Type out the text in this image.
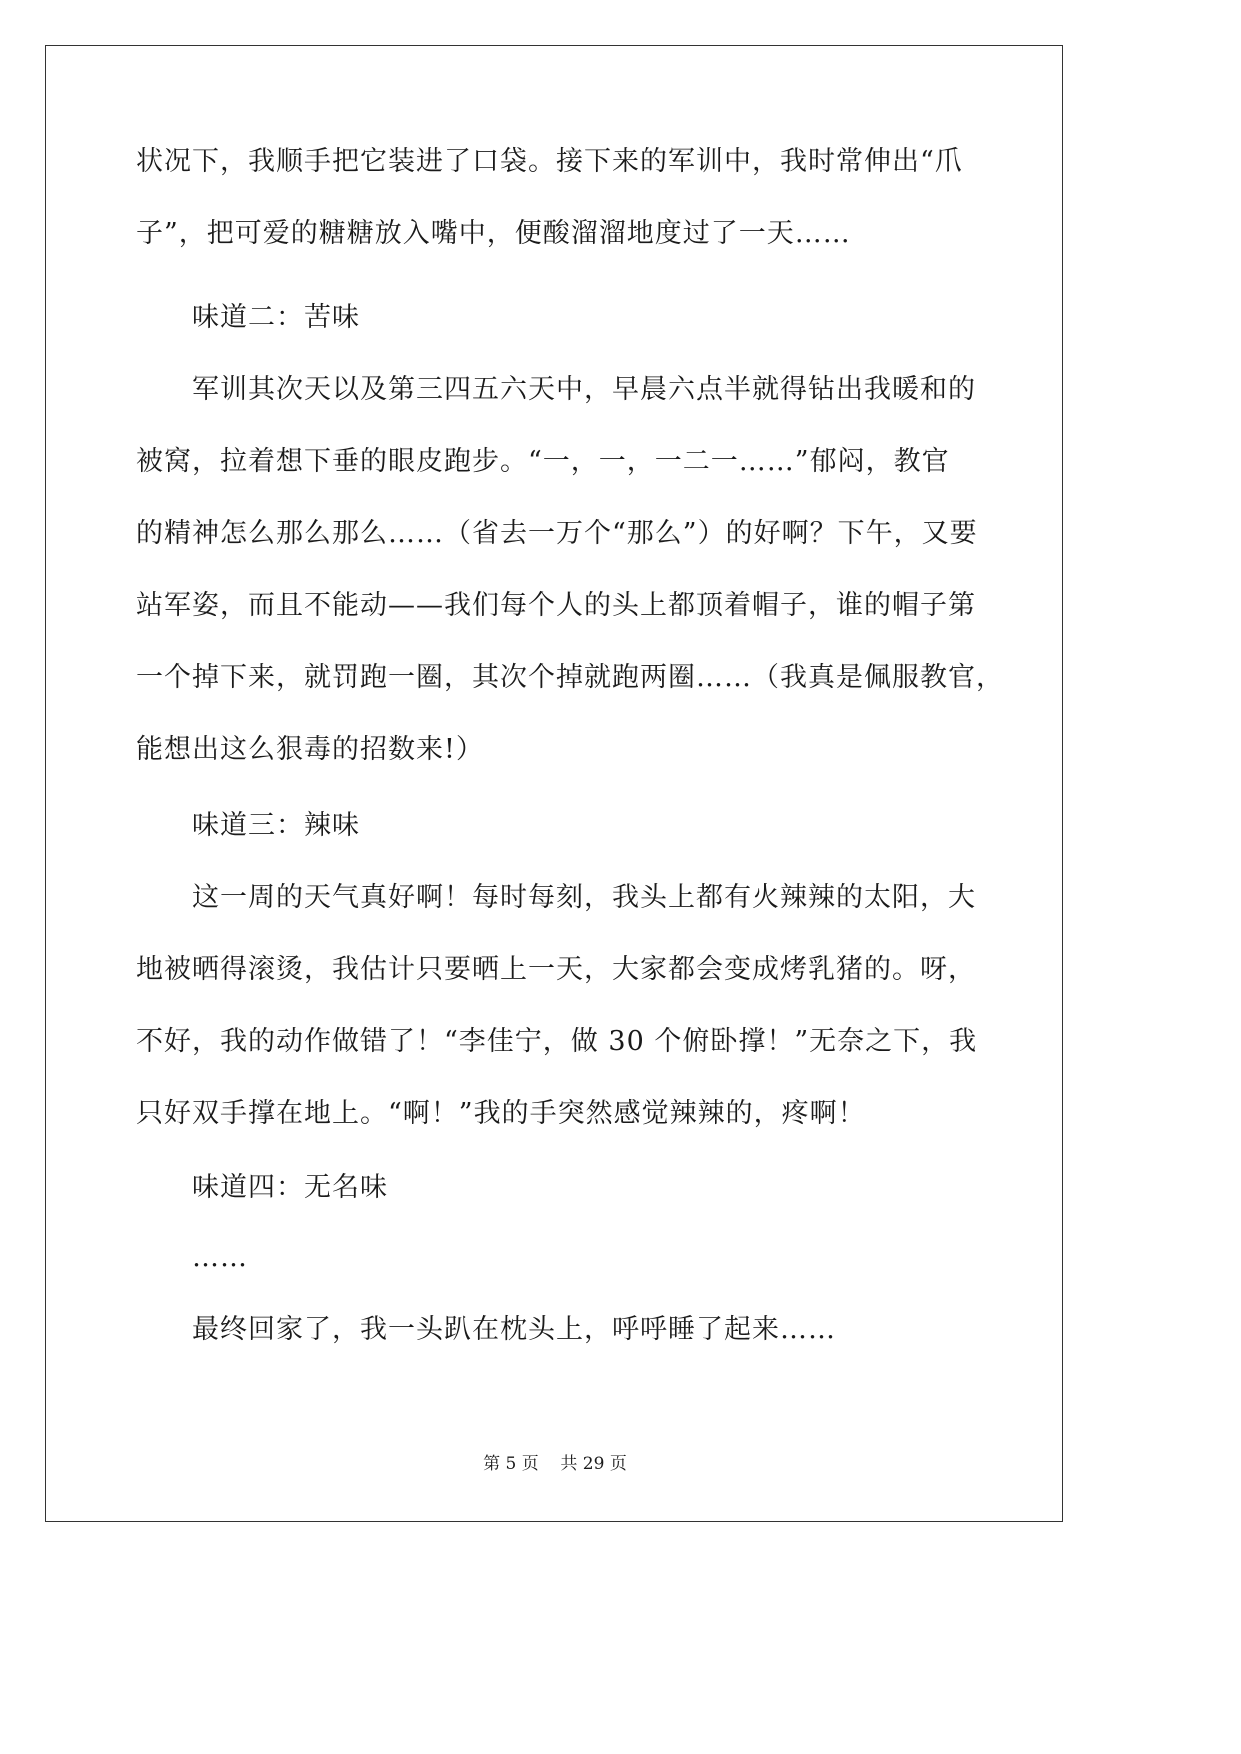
状况下，我顺手把它装进了口袋。接下来的军训中，我时常伸出“爪
子”，把可爱的糖糖放入嘴中，便酸溜溜地度过了一天……
味道二：苦味
军训其次天以及第三四五六天中，早晨六点半就得钻出我暖和的
被窝，拉着想下垂的眼皮跑步。“一，一，一二一……”郁闷，教官
的精神怎么那么那么……（省去一万个“那么”）的好啊？下午，又要
站军姿，而且不能动——我们每个人的头上都顶着帽子，谁的帽子第
一个掉下来，就罚跑一圈，其次个掉就跑两圈……（我真是佩服教官，
能想出这么狠毒的招数来!）
味道三：辣味
这一周的天气真好啊！每时每刻，我头上都有火辣辣的太阳，大
地被晒得滚烫，我估计只要晒上一天，大家都会变成烤乳猪的。呀，
不好，我的动作做错了！“李佳宁，做 30 个俯卧撑！”无奈之下，我
只好双手撑在地上。“啊！”我的手突然感觉辣辣的，疼啊！
味道四：无名味
……
最终回家了，我一头趴在枕头上，呼呼睡了起来……
第 5 页 共 29 页
